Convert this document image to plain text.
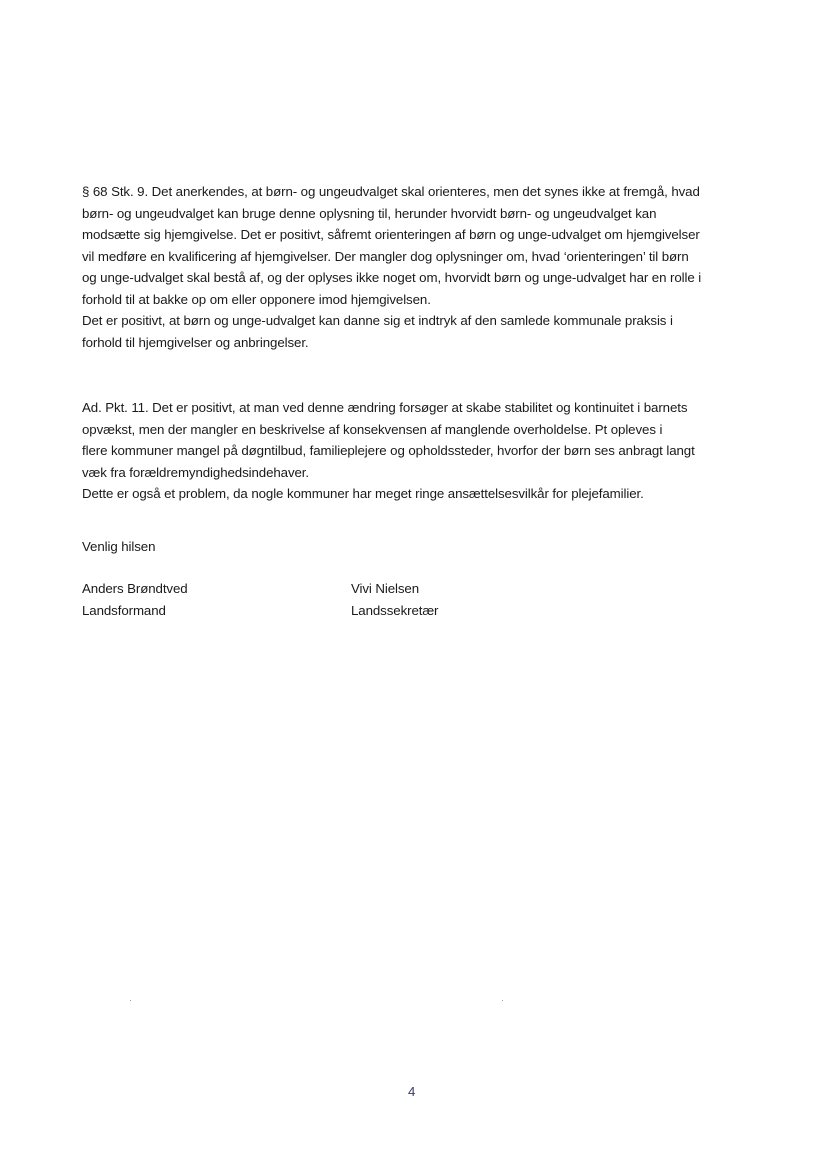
§ 68 Stk. 9. Det anerkendes, at børn- og ungeudvalget skal orienteres, men det synes ikke at fremgå, hvad
børn- og ungeudvalget kan bruge denne oplysning til, herunder hvorvidt børn- og ungeudvalget kan
modsætte sig hjemgivelse. Det er positivt, såfremt orienteringen af børn og unge-udvalget om hjemgivelser
vil medføre en kvalificering af hjemgivelser. Der mangler dog oplysninger om, hvad ‘orienteringen’ til børn
og unge-udvalget skal bestå af, og der oplyses ikke noget om, hvorvidt børn og unge-udvalget har en rolle i
forhold til at bakke op om eller opponere imod hjemgivelsen.
Det er positivt, at børn og unge-udvalget kan danne sig et indtryk af den samlede kommunale praksis i
forhold til hjemgivelser og anbringelser.
Ad. Pkt. 11. Det er positivt, at man ved denne ændring forsøger at skabe stabilitet og kontinuitet i barnets
opvækst, men der mangler en beskrivelse af konsekvensen af manglende overholdelse. Pt opleves i
flere kommuner mangel på døgntilbud, familieplejere og opholdssteder, hvorfor der børn ses anbragt langt
væk fra forældremyndighedsindehaver.
Dette er også et problem, da nogle kommuner har meget ringe ansættelsesvilkår for plejefamilier.
Venlig hilsen
Anders Brøndtved
Landsformand
Vivi Nielsen
Landssekretær
4
